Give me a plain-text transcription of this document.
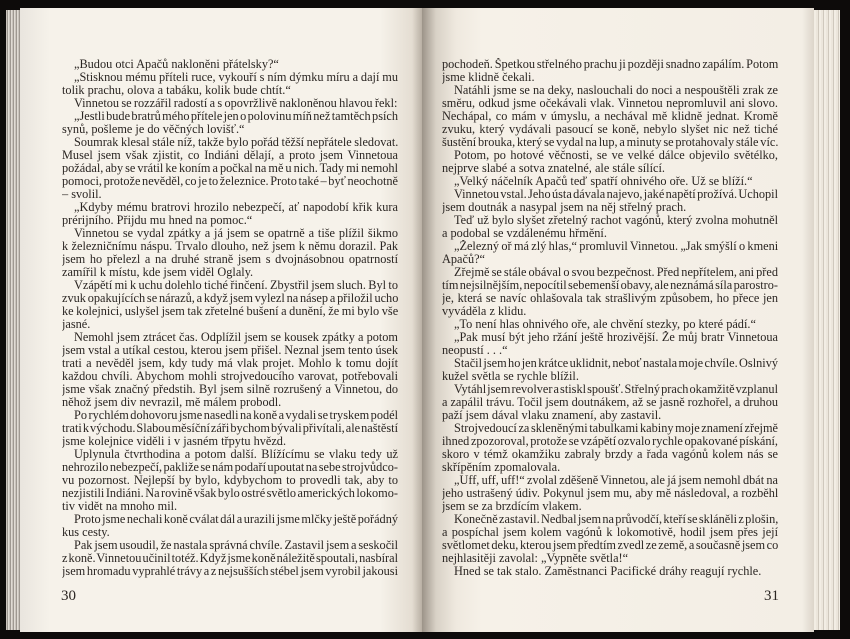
„Budou otci Apačů nakloněni přátelsky?“
„Stisknou mému příteli ruce, vykouří s ním dýmku míru a dají mu
tolik prachu, olova a tabáku, kolik bude chtít.“
Vinnetou se rozzářil radostí a s opovržlivě nakloněnou hlavou řekl:
„Jestli bude bratrů mého přítele jen o polovinu míň než tamtěch psích
synů, pošleme je do věčných lovišť.“
Soumrak klesal stále níž, takže bylo pořád těžší nepřátele sledovat.
Musel jsem však zjistit, co Indiáni dělají, a proto jsem Vinnetoua
požádal, aby se vrátil ke koním a počkal na mě u nich. Tady mi nemohl
pomoci, protože nevěděl, co je to železnice. Proto také – byť neochotně
– svolil.
„Kdyby mému bratrovi hrozilo nebezpečí, ať napodobí křik kura
prérijního. Přijdu mu hned na pomoc.“
Vinnetou se vydal zpátky a já jsem se opatrně a tiše plížil šikmo
k železničnímu náspu. Trvalo dlouho, než jsem k němu dorazil. Pak
jsem ho přelezl a na druhé straně jsem s dvojnásobnou opatrností
zamířil k místu, kde jsem viděl Oglaly.
Vzápětí mi k uchu dolehlo tiché řinčení. Zbystřil jsem sluch. Byl to
zvuk opakujících se nárazů, a když jsem vylezl na násep a přiložil ucho
ke kolejnici, uslyšel jsem tak zřetelné bušení a dunění, že mi bylo vše
jasné.
Nemohl jsem ztrácet čas. Odplížil jsem se kousek zpátky a potom
jsem vstal a utíkal cestou, kterou jsem přišel. Neznal jsem tento úsek
trati a nevěděl jsem, kdy tudy má vlak projet. Mohlo k tomu dojít
každou chvíli. Abychom mohli strojvedoucího varovat, potřebovali
jsme však značný předstih. Byl jsem silně rozrušený a Vinnetou, do
něhož jsem div nevrazil, mě málem probodl.
Po rychlém dohovoru jsme nasedli na koně a vydali se tryskem podél
trati k východu. Slabou měsíční záři bychom bývali přivítali, ale naštěstí
jsme kolejnice viděli i v jasném třpytu hvězd.
Uplynula čtvrthodina a potom další. Blížícímu se vlaku tedy už
nehrozilo nebezpečí, pakliže se nám podaří upoutat na sebe strojvůdco-
vu pozornost. Nejlepší by bylo, kdybychom to provedli tak, aby to
nezjistili Indiáni. Na rovině však bylo ostré světlo amerických lokomo-
tiv vidět na mnoho mil.
Proto jsme nechali koně cválat dál a urazili jsme mlčky ještě pořádný
kus cesty.
Pak jsem usoudil, že nastala správná chvíle. Zastavil jsem a seskočil
z koně. Vinnetou učinil totéž. Když jsme koně náležitě spoutali, nasbíral
jsem hromadu vyprahlé trávy a z nejsušších stébel jsem vyrobil jakousi
pochodeň. Špetkou střelného prachu ji později snadno zapálím. Potom
jsme klidně čekali.
Natáhli jsme se na deky, naslouchali do noci a nespouštěli zrak ze
směru, odkud jsme očekávali vlak. Vinnetou nepromluvil ani slovo.
Nechápal, co mám v úmyslu, a nechával mě klidně jednat. Kromě
zvuku, který vydávali pasoucí se koně, nebylo slyšet nic než tiché
šustění brouka, který se vydal na lup, a minuty se protahovaly stále víc.
Potom, po hotové věčnosti, se ve velké dálce objevilo světélko,
nejprve slabé a sotva znatelné, ale stále sílící.
„Velký náčelník Apačů teď spatří ohnivého oře. Už se blíží.“
Vinnetou vstal. Jeho ústa dávala najevo, jaké napětí prožívá. Uchopil
jsem doutnák a nasypal jsem na něj střelný prach.
Teď už bylo slyšet zřetelný rachot vagónů, který zvolna mohutněl
a podobal se vzdálenému hřmění.
„Železný oř má zlý hlas,“ promluvil Vinnetou. „Jak smýšlí o kmeni
Apačů?“
Zřejmě se stále obával o svou bezpečnost. Před nepřítelem, ani před
tím nejsilnějším, nepocítil sebemenší obavy, ale neznámá síla parostro-
je, která se navíc ohlašovala tak strašlivým způsobem, ho přece jen
vyváděla z klidu.
„To není hlas ohnivého oře, ale chvění stezky, po které pádí.“
„Pak musí být jeho ržání ještě hrozivější. Že můj bratr Vinnetoua
neopustí . . .“
Stačil jsem ho jen krátce uklidnit, neboť nastala moje chvíle. Oslnivý
kužel světla se rychle blížil.
Vytáhl jsem revolver a stiskl spoušť. Střelný prach okamžitě vzplanul
a zapálil trávu. Točil jsem doutnákem, až se jasně rozhořel, a druhou
paží jsem dával vlaku znamení, aby zastavil.
Strojvedoucí za skleněnými tabulkami kabiny moje znamení zřejmě
ihned zpozoroval, protože se vzápětí ozvalo rychle opakované pískání,
skoro v témž okamžiku zabraly brzdy a řada vagónů kolem nás se
skřípěním zpomalovala.
„Uff, uff, uff!“ zvolal zděšeně Vinnetou, ale já jsem nemohl dbát na
jeho ustrašený údiv. Pokynul jsem mu, aby mě následoval, a rozběhl
jsem se za brzdícím vlakem.
Konečně zastavil. Nedbal jsem na průvodčí, kteří se skláněli z plošin,
a pospíchal jsem kolem vagónů k lokomotivě, hodil jsem přes její
světlomet deku, kterou jsem předtím zvedl ze země, a současně jsem co
nejhlasitěji zavolal: „Vypněte světla!“
Hned se tak stalo. Zaměstnanci Pacifické dráhy reagují rychle.
30	31
